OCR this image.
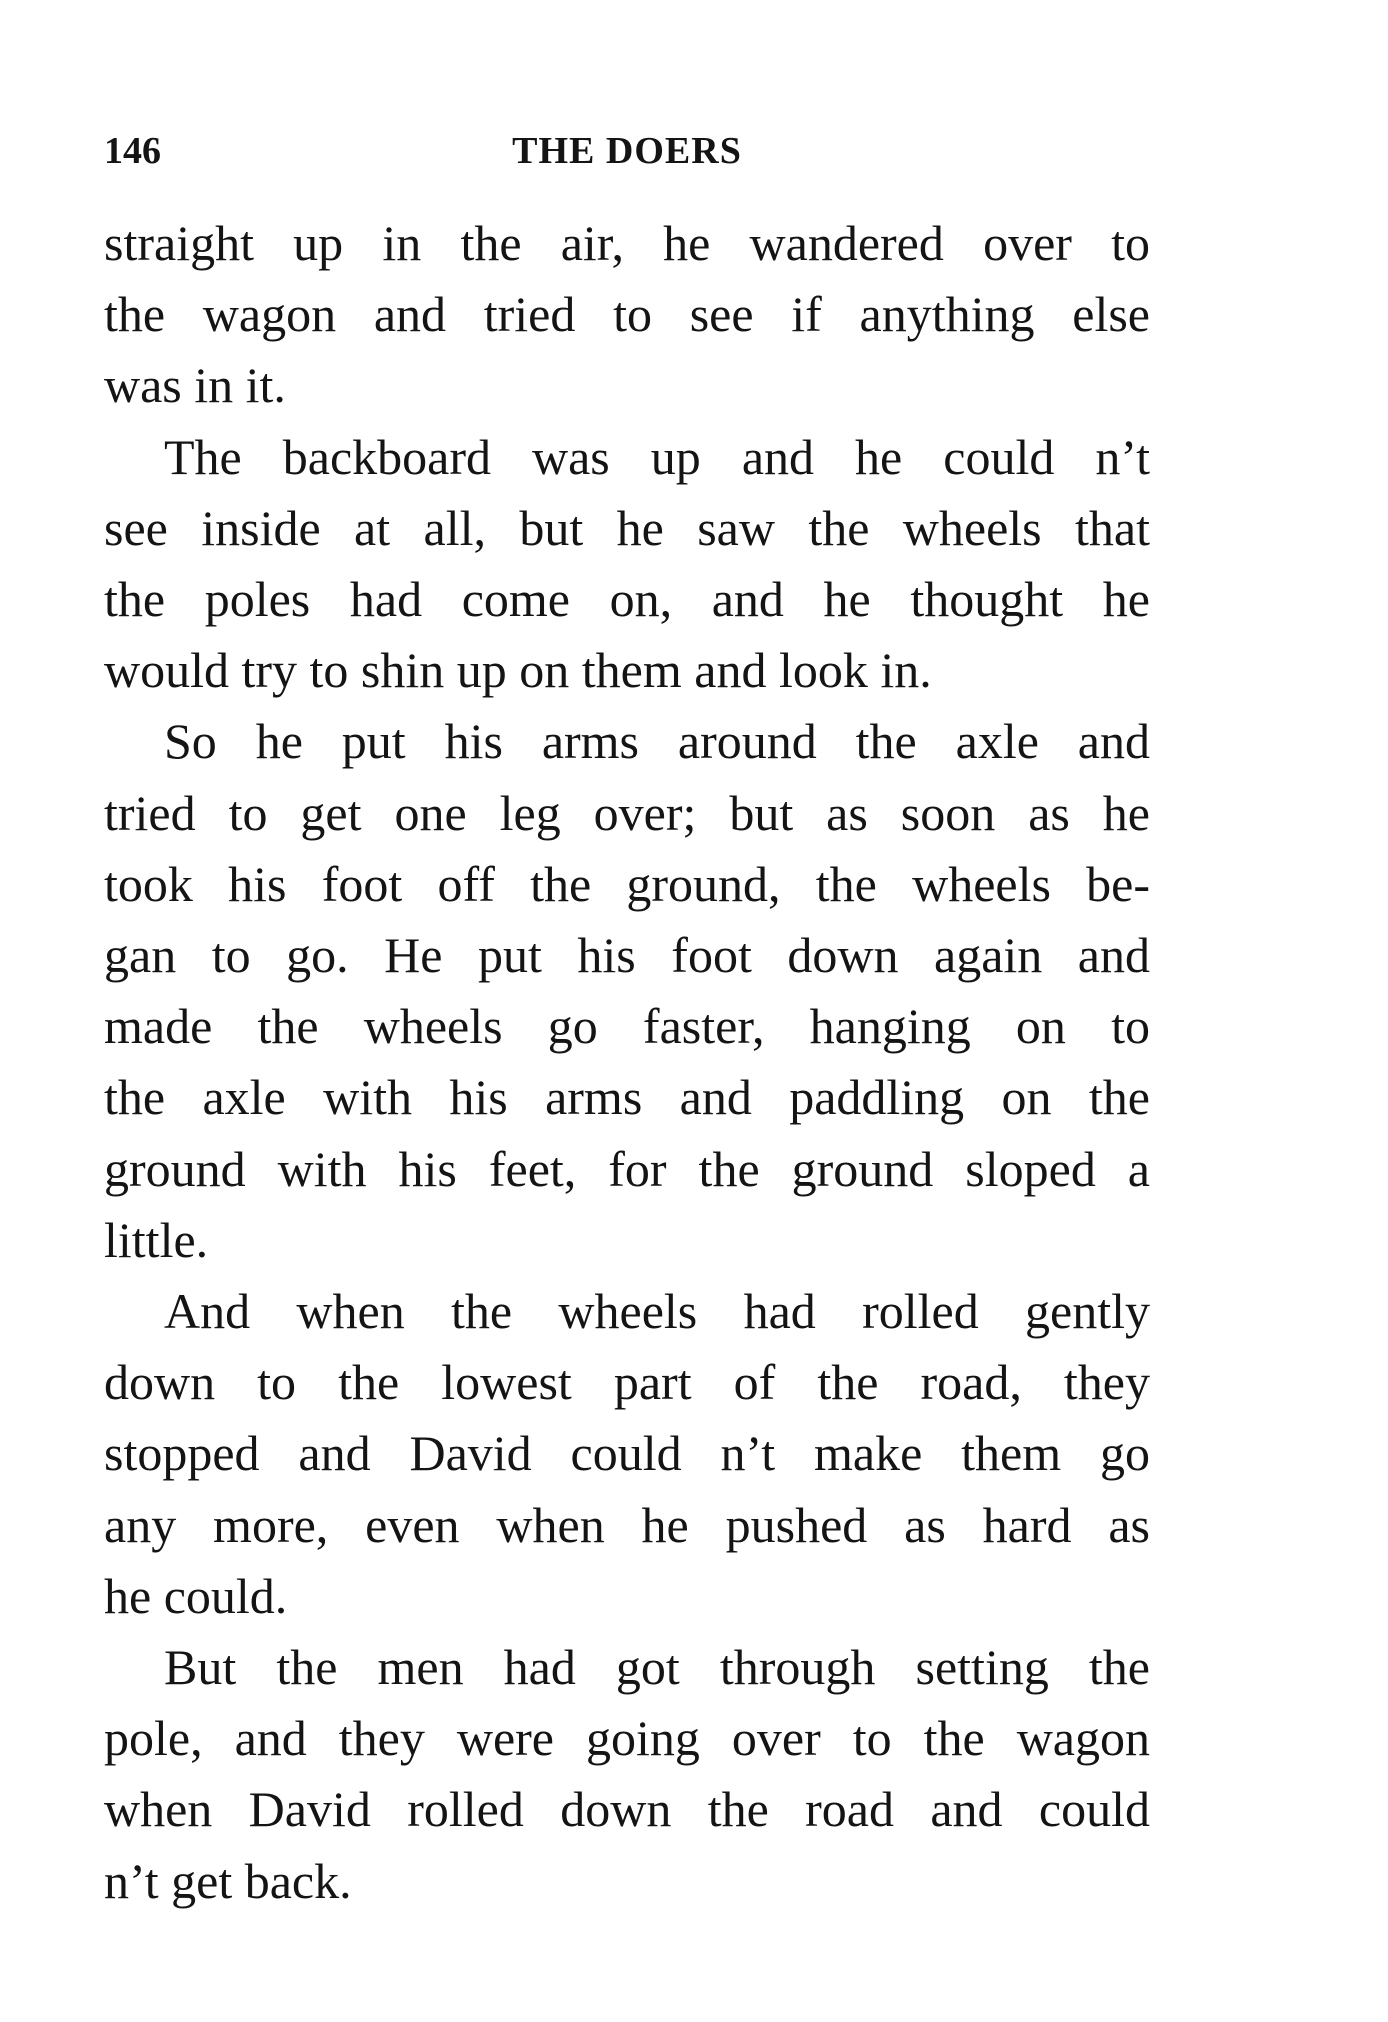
146	THE DOERS

straight up in the air, he wandered over to
the wagon and tried to see if anything else
was in it.

The backboard was up and he could n’t
see inside at all, but he saw the wheels that
the poles had come on, and he thought he
would try to shin up on them and look in.

So he put his arms around the axle and
tried to get one leg over; but as soon as he
took his foot off the ground, the wheels be-
gan to go. He put his foot down again and
made the wheels go faster, hanging on to
the axle with his arms and paddling on the
ground with his feet, for the ground sloped a
little.

And when the wheels had rolled gently
down to the lowest part of the road, they
stopped and David could n’t make them go
any more, even when he pushed as hard as
he could.

But the men had got through setting the
pole, and they were going over to the wagon
when David rolled down the road and could
n’t get back.
